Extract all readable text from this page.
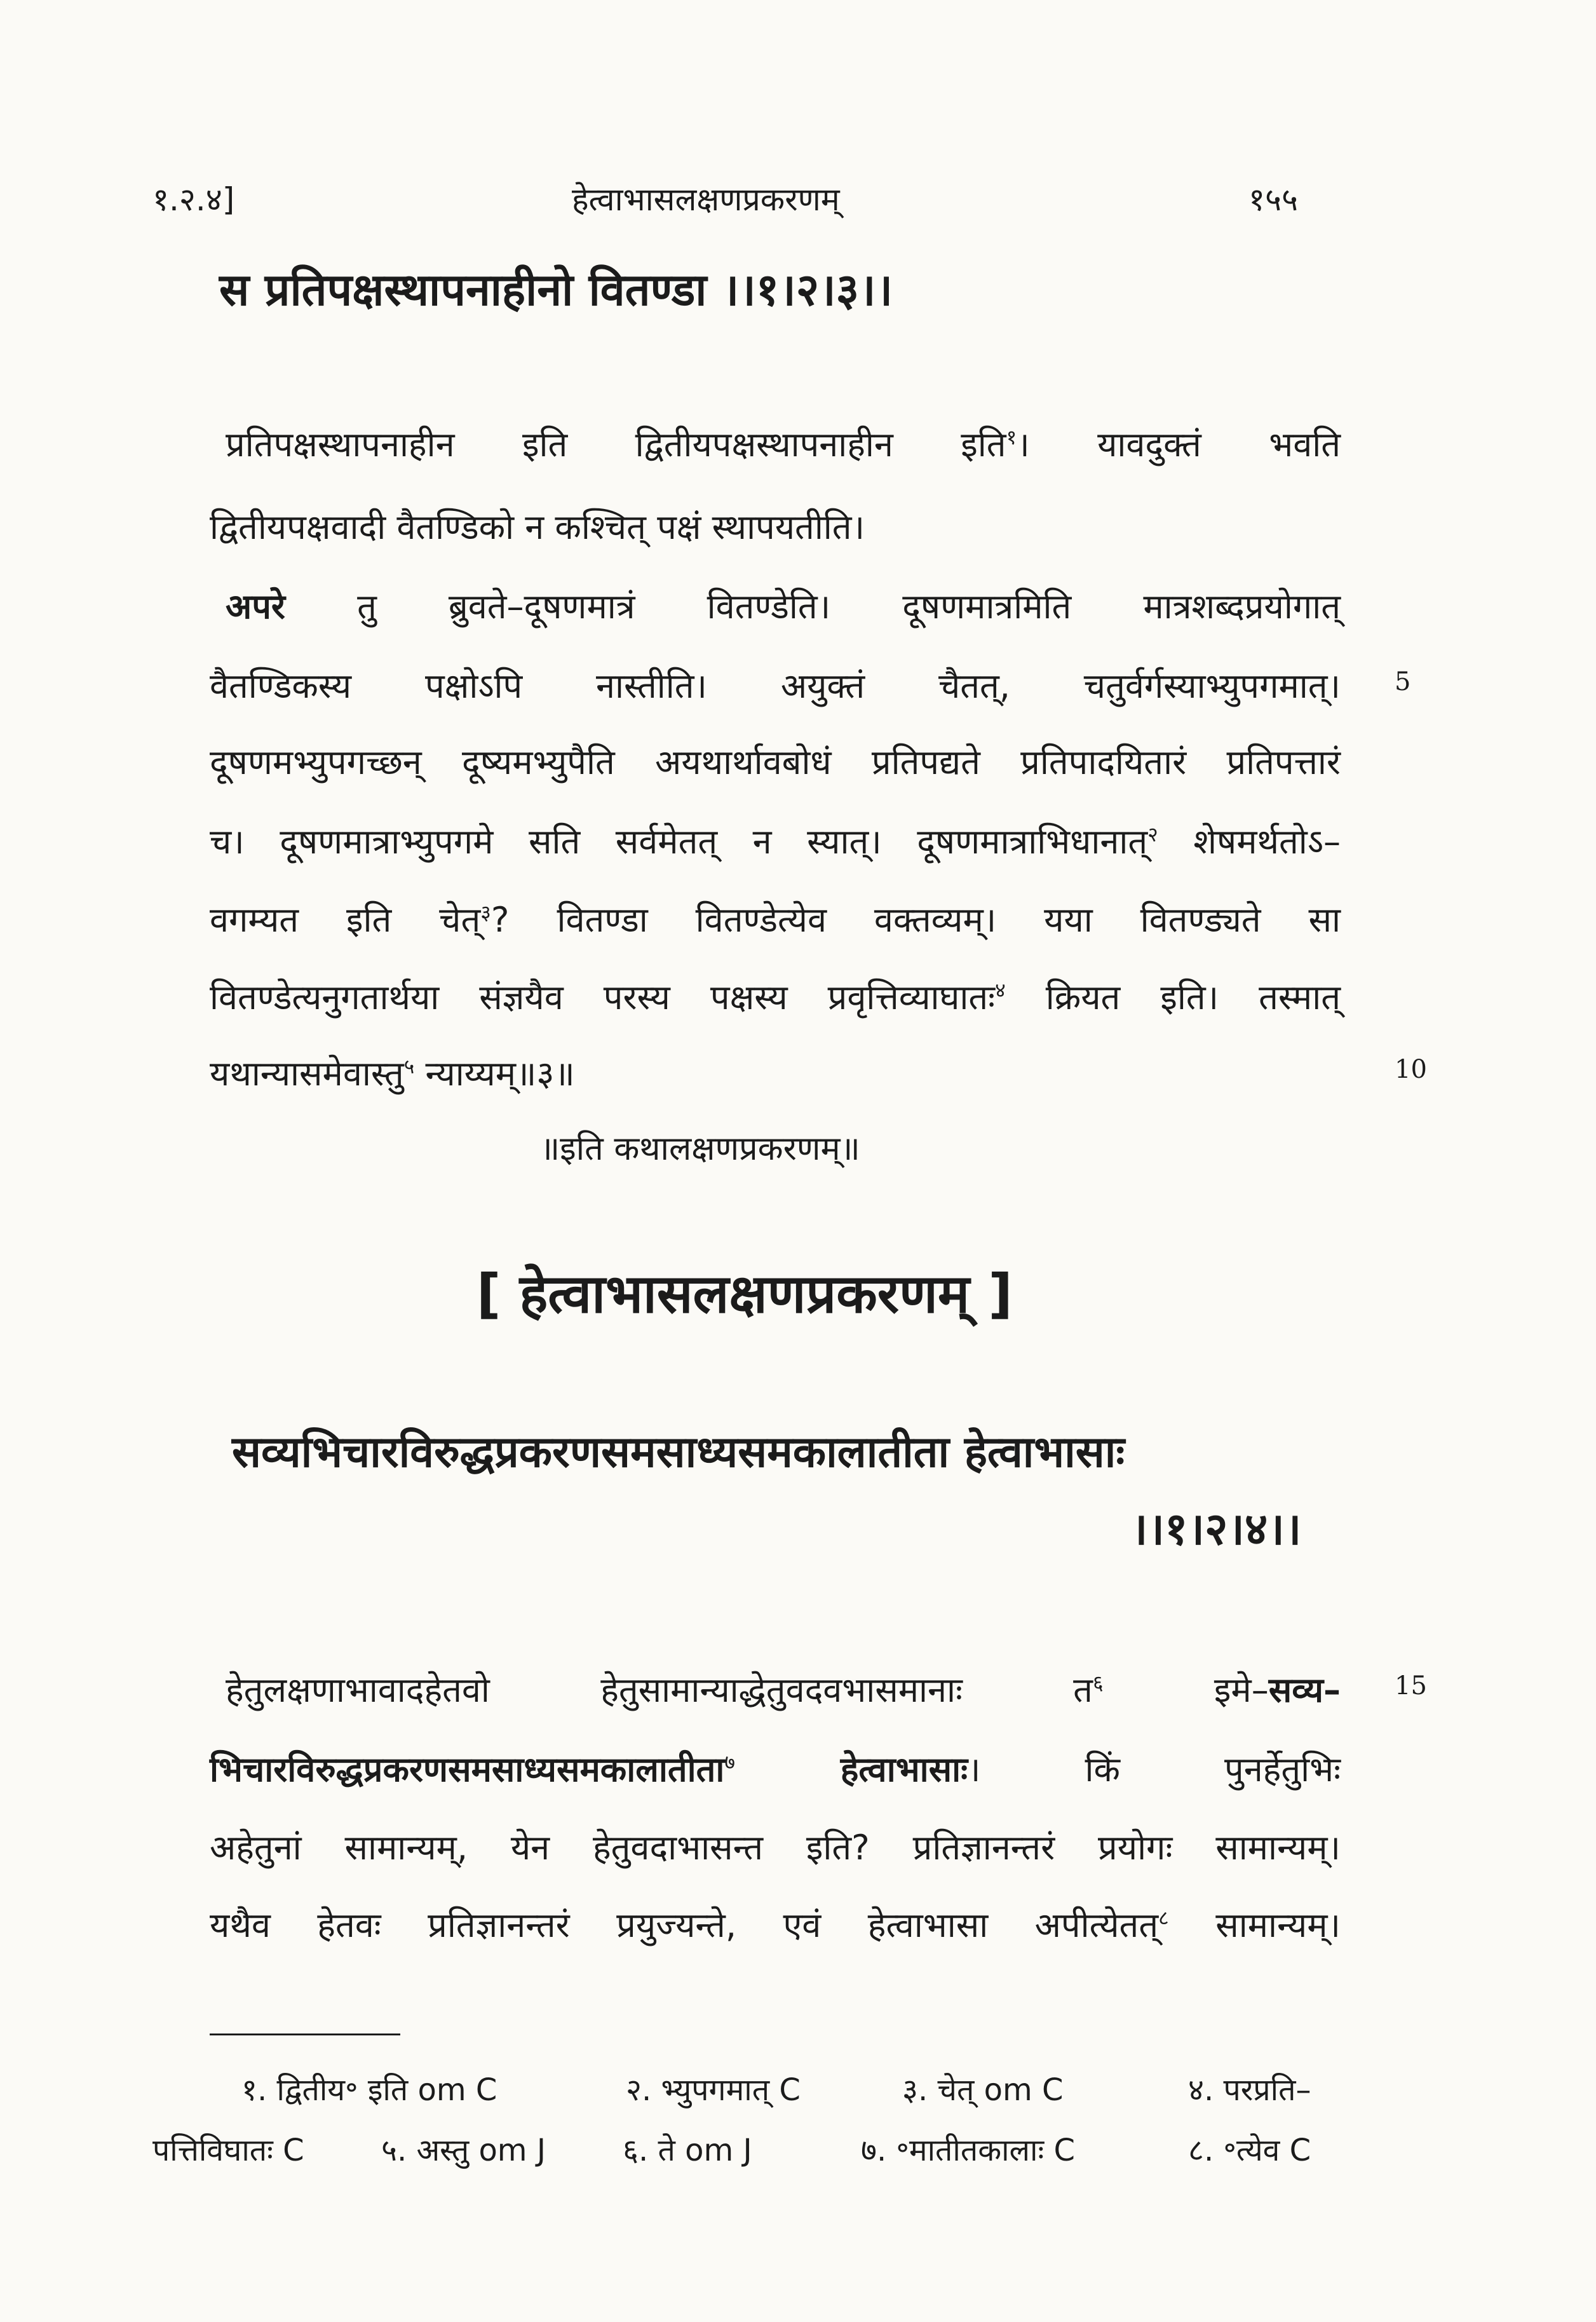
१.२.४]	हेत्वाभासलक्षणप्रकरणम्	१५५
स प्रतिपक्षस्थापनाहीनो वितण्डा ।।१।२।३।।
प्रतिपक्षस्थापनाहीन इति द्वितीयपक्षस्थापनाहीन इति$^१$। यावदुक्तं भवति
द्वितीयपक्षवादी वैतण्डिको न कश्चित् पक्षं स्थापयतीति।
अपरे तु ब्रुवते–दूषणमात्रं वितण्डेति। दूषणमात्रमिति मात्रशब्दप्रयोगात्
वैतण्डिकस्य पक्षोऽपि नास्तीति। अयुक्तं चैतत्, चतुर्वर्गस्याभ्युपगमात्। 5
दूषणमभ्युपगच्छन् दूष्यमभ्युपैति अयथार्थावबोधं प्रतिपद्यते प्रतिपादयितारं प्रतिपत्तारं
च। दूषणमात्राभ्युपगमे सति सर्वमेतत् न स्यात्। दूषणमात्राभिधानात्$^२$ शेषमर्थतोऽ–
वगम्यत इति चेत्$^३$? वितण्डा वितण्डेत्येव वक्तव्यम्। यया वितण्ड्यते सा
वितण्डेत्यनुगतार्थया संज्ञयैव परस्य पक्षस्य प्रवृत्तिव्याघातः$^४$ क्रियत इति। तस्मात्
यथान्यासमेवास्तु$^५$ न्याय्यम्॥३॥	10
॥इति कथालक्षणप्रकरणम्॥
[ हेत्वाभासलक्षणप्रकरणम् ]
सव्यभिचारविरुद्धप्रकरणसमसाध्यसमकालातीता हेत्वाभासाः
।।१।२।४।।
हेतुलक्षणाभावादहेतवो हेतुसामान्याद्धेतुवदवभासमानाः त$^६$ इमे–सव्य– 15
भिचारविरुद्धप्रकरणसमसाध्यसमकालातीता$^७$ हेत्वाभासाः। किं पुनर्हेतुभिः
अहेतुनां सामान्यम्, येन हेतुवदाभासन्त इति? प्रतिज्ञानन्तरं प्रयोगः सामान्यम्।
यथैव हेतवः प्रतिज्ञानन्तरं प्रयुज्यन्ते, एवं हेत्वाभासा अपीत्येतत्$^८$ सामान्यम्।
१. द्वितीय॰ इति om C	२. भ्युपगमात् C	३. चेत् om C	४. परप्रति–
पत्तिविघातः C	५. अस्तु om J	६. ते om J	७. ॰मातीतकालाः C	८. ॰त्येव C
